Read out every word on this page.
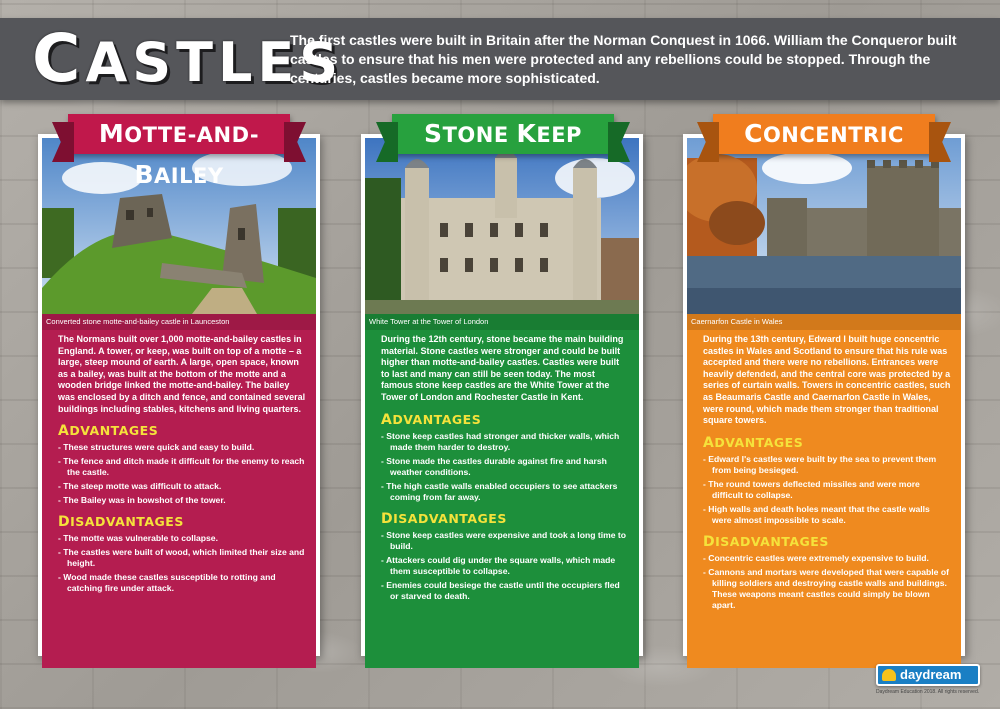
CASTLES
The first castles were built in Britain after the Norman Conquest in 1066. William the Conqueror built castles to ensure that his men were protected and any rebellions could be stopped. Through the centuries, castles became more sophisticated.
MOTTE-AND-BAILEY
STONE KEEP	CONCENTRIC
Converted stone motte-and-bailey castle in Launceston

The Normans built over 1,000 motte-and-bailey castles in England. A tower, or keep, was built on top of a motte – a large, steep mound of earth. A large, open space, known as a bailey, was built at the bottom of the motte and a wooden bridge linked the motte-and-bailey. The bailey was enclosed by a ditch and fence, and contained several buildings including stables, kitchens and living quarters.

ADVANTAGES
- These structures were quick and easy to build.
- The fence and ditch made it difficult for the enemy to reach the castle.
- The steep motte was difficult to attack.
- The Bailey was in bowshot of the tower.
DISADVANTAGES
- The motte was vulnerable to collapse.
- The castles were built of wood, which limited their size and height.
- Wood made these castles susceptible to rotting and catching fire under attack.
White Tower at the Tower of London

During the 12th century, stone became the main building material. Stone castles were stronger and could be built higher than motte-and-bailey castles. Castles were built to last and many can still be seen today. The most famous stone keep castles are the White Tower at the Tower of London and Rochester Castle in Kent.

ADVANTAGES
- Stone keep castles had stronger and thicker walls, which made them harder to destroy.
- Stone made the castles durable against fire and harsh weather conditions.
- The high castle walls enabled occupiers to see attackers coming from far away.
DISADVANTAGES
- Stone keep castles were expensive and took a long time to build.
- Attackers could dig under the square walls, which made them susceptible to collapse.
- Enemies could besiege the castle until the occupiers fled or starved to death.
Caernarfon Castle in Wales

During the 13th century, Edward I built huge concentric castles in Wales and Scotland to ensure that his rule was accepted and there were no rebellions. Entrances were heavily defended, and the central core was protected by a series of curtain walls. Towers in concentric castles, such as Beaumaris Castle and Caernarfon Castle in Wales, were round, which made them stronger than traditional square towers.

ADVANTAGES
- Edward I's castles were built by the sea to prevent them from being besieged.
- The round towers deflected missiles and were more difficult to collapse.
- High walls and death holes meant that the castle walls were almost impossible to scale.
DISADVANTAGES
- Concentric castles were extremely expensive to build.
- Cannons and mortars were developed that were capable of killing soldiers and destroying castle walls and buildings. These weapons meant castles could simply be blown apart.
daydream
Daydream Education 2018. All rights reserved.
